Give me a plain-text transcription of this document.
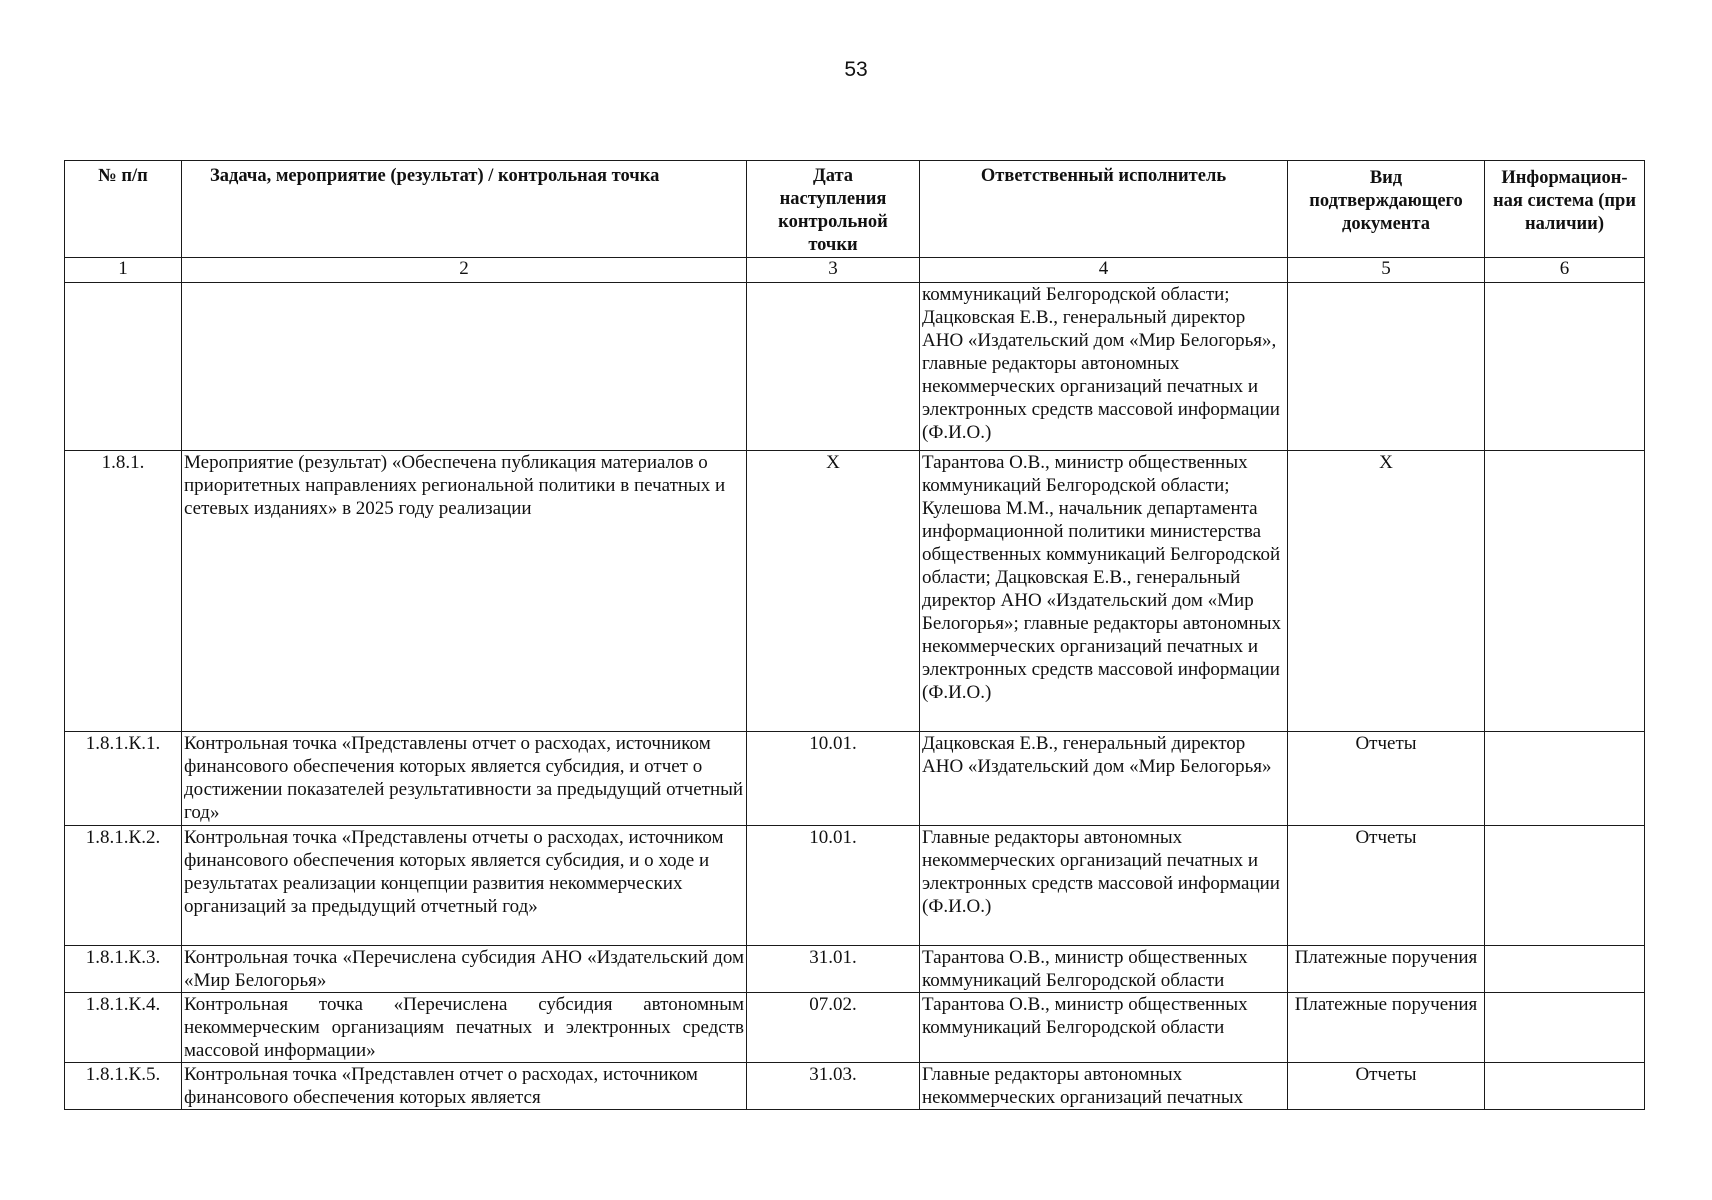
53
№ п/п	Задача, мероприятие (результат) / контрольная точка	Дата наступления контрольной точки	Ответственный исполнитель	Вид подтверждающего документа	Информацион-ная система (при наличии)
1	2	3	4	5	6
			коммуникаций Белгородской области; Дацковская Е.В., генеральный директор АНО «Издательский дом «Мир Белогорья», главные редакторы автономных некоммерческих организаций печатных и электронных средств массовой информации (Ф.И.О.)		
1.8.1.	Мероприятие (результат) «Обеспечена публикация материалов о приоритетных направлениях региональной политики в печатных и сетевых изданиях» в 2025 году реализации	Х	Тарантова О.В., министр общественных коммуникаций Белгородской области; Кулешова М.М., начальник департамента информационной политики министерства общественных коммуникаций Белгородской области; Дацковская Е.В., генеральный директор АНО «Издательский дом «Мир Белогорья»; главные редакторы автономных некоммерческих организаций печатных и электронных средств массовой информации (Ф.И.О.)	Х	
1.8.1.К.1.	Контрольная точка «Представлены отчет о расходах, источником финансового обеспечения которых является субсидия, и отчет о достижении показателей результативности за предыдущий отчетный год»	10.01.	Дацковская Е.В., генеральный директор АНО «Издательский дом «Мир Белогорья»	Отчеты	
1.8.1.К.2.	Контрольная точка «Представлены отчеты о расходах, источником финансового обеспечения которых является субсидия, и о ходе и результатах реализации концепции развития некоммерческих организаций за предыдущий отчетный год»	10.01.	Главные редакторы автономных некоммерческих организаций печатных и электронных средств массовой информации (Ф.И.О.)	Отчеты	
1.8.1.К.3.	Контрольная точка «Перечислена субсидия АНО «Издательский дом «Мир Белогорья»	31.01.	Тарантова О.В., министр общественных коммуникаций Белгородской области	Платежные поручения	
1.8.1.К.4.	Контрольная точка «Перечислена субсидия автономным некоммерческим организациям печатных и электронных средств массовой информации»	07.02.	Тарантова О.В., министр общественных коммуникаций Белгородской области	Платежные поручения	
1.8.1.К.5.	Контрольная точка «Представлен отчет о расходах, источником финансового обеспечения которых является	31.03.	Главные редакторы автономных некоммерческих организаций печатных	Отчеты	
